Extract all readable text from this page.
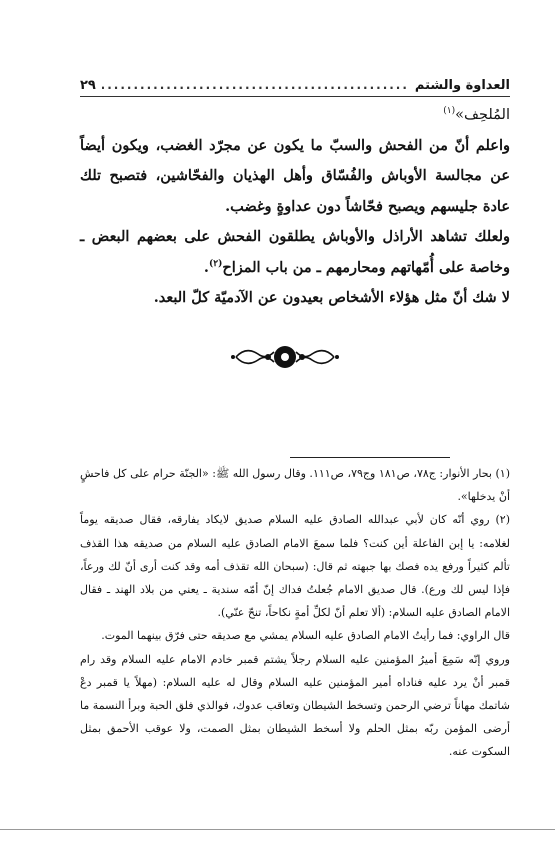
العداوة والشتم
.....
٢٩

المُلحِف»$^{(١)}$

واعلم أنّ من الفحش والسبّ ما يكون عن مجرّد الغضب، ويكون أيضاً عن مجالسة الأوباش والفُسّاق وأهل الهذيان والفحّاشين، فتصبح تلك عادة جليسهم ويصبح فحّاشاً دون عداوةٍ وغضب.

ولعلك تشاهد الأراذل والأوباش يطلقون الفحش على بعضهم البعض ـ وخاصة على أُمّهاتهم ومحارمهم ـ من باب المزاح$^{(٢)}$.

لا شك أنّ مثل هؤلاء الأشخاص بعيدون عن الآدميّة كلّ البعد.

(١) بحار الأنوار: ج٧٨، ص١٨١ وج٧٩، ص١١١. وقال رسول الله ﷺ: «الجنّة حرام على كل فاحشٍ أنْ يدخلها».

(٢) روي أنّه كان لأبي عبدالله الصادق عليه السلام صديق لايكاد يفارقه، فقال صديقه يوماً لغلامه: يا إبن الفاعلة أين كنت؟ فلما سمعَ الامام الصادق عليه السلام من صديقه هذا القذف تألم كثيراً ورفع يده فصك بها جبهته ثم قال: (سبحان الله تقذف أمه وقد كنت أرى أنّ لك ورعاً، فإذا ليس لك ورع). قال صديق الامام جُعلتُ فداك إنّ أمّه سندية ـ يعني من بلاد الهند ـ فقال الامام الصادق عليه السلام: (ألا تعلم أنّ لكلِّ أمةٍ نكاحاً، تنحّ عنّي).

قال الراوي: فما رأيتُ الامام الصادق عليه السلام يمشي مع صديقه حتى فرّق بينهما الموت.

وروي إنّه سَمِعَ أميرُ المؤمنين عليه السلام رجلاً يشتم قمبر خادم الامام عليه السلام وقد رام قمبر أنْ يرد عليه فناداه أمير المؤمنين عليه السلام وقال له عليه السلام: (مهلاً يا قمبر دعْ شاتمك مهاناً ترضي الرحمن وتسخط الشيطان وتعاقب عدوك، فوالذي فلق الحبة وبرأ النسمة ما أرضى المؤمن ربّه بمثل الحلم ولا أسخط الشيطان بمثل الصمت، ولا عوقب الأحمق بمثل السكوت عنه.
